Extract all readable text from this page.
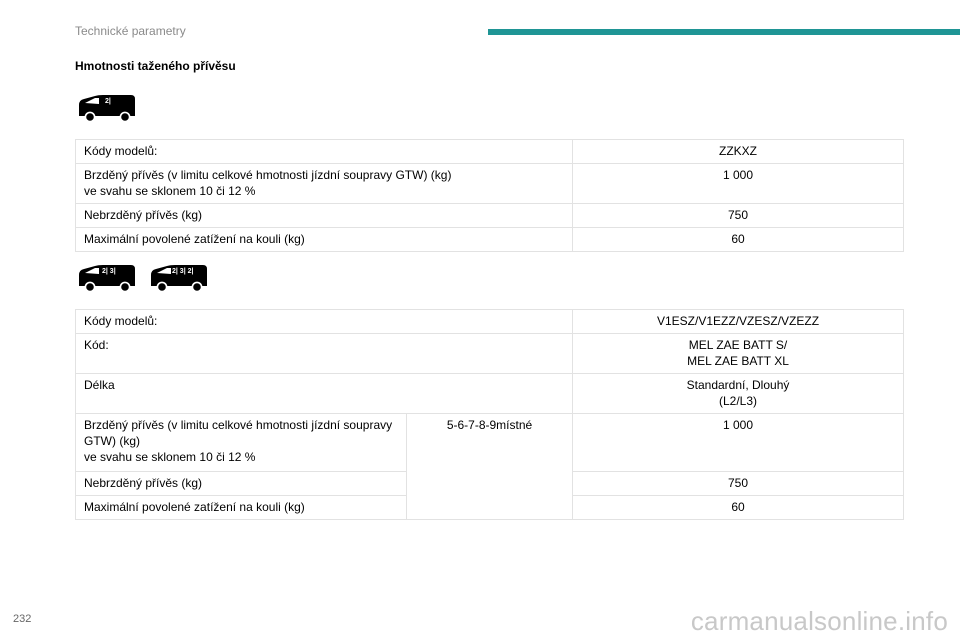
Technické parametry
Hmotnosti taženého přívěsu
2|
Kódy modelů:	ZZKXZ
Brzděný přívěs (v limitu celkové hmotnosti jízdní soupravy GTW) (kg)
ve svahu se sklonem 10 či 12 %	1 000
Nebrzděný přívěs (kg)	750
Maximální povolené zatížení na kouli (kg)	60
2| 3|	2| 3| 2|
Kódy modelů:		V1ESZ/V1EZZ/VZESZ/VZEZZ
Kód:		MEL ZAE BATT S/
MEL ZAE BATT XL
Délka		Standardní, Dlouhý
(L2/L3)
Brzděný přívěs (v limitu celkové hmotnosti jízdní soupravy GTW) (kg)
ve svahu se sklonem 10 či 12 %	5-6-7-8-9místné	1 000
Nebrzděný přívěs (kg)		750
Maximální povolené zatížení na kouli (kg)		60
232	carmanualsonline.info
